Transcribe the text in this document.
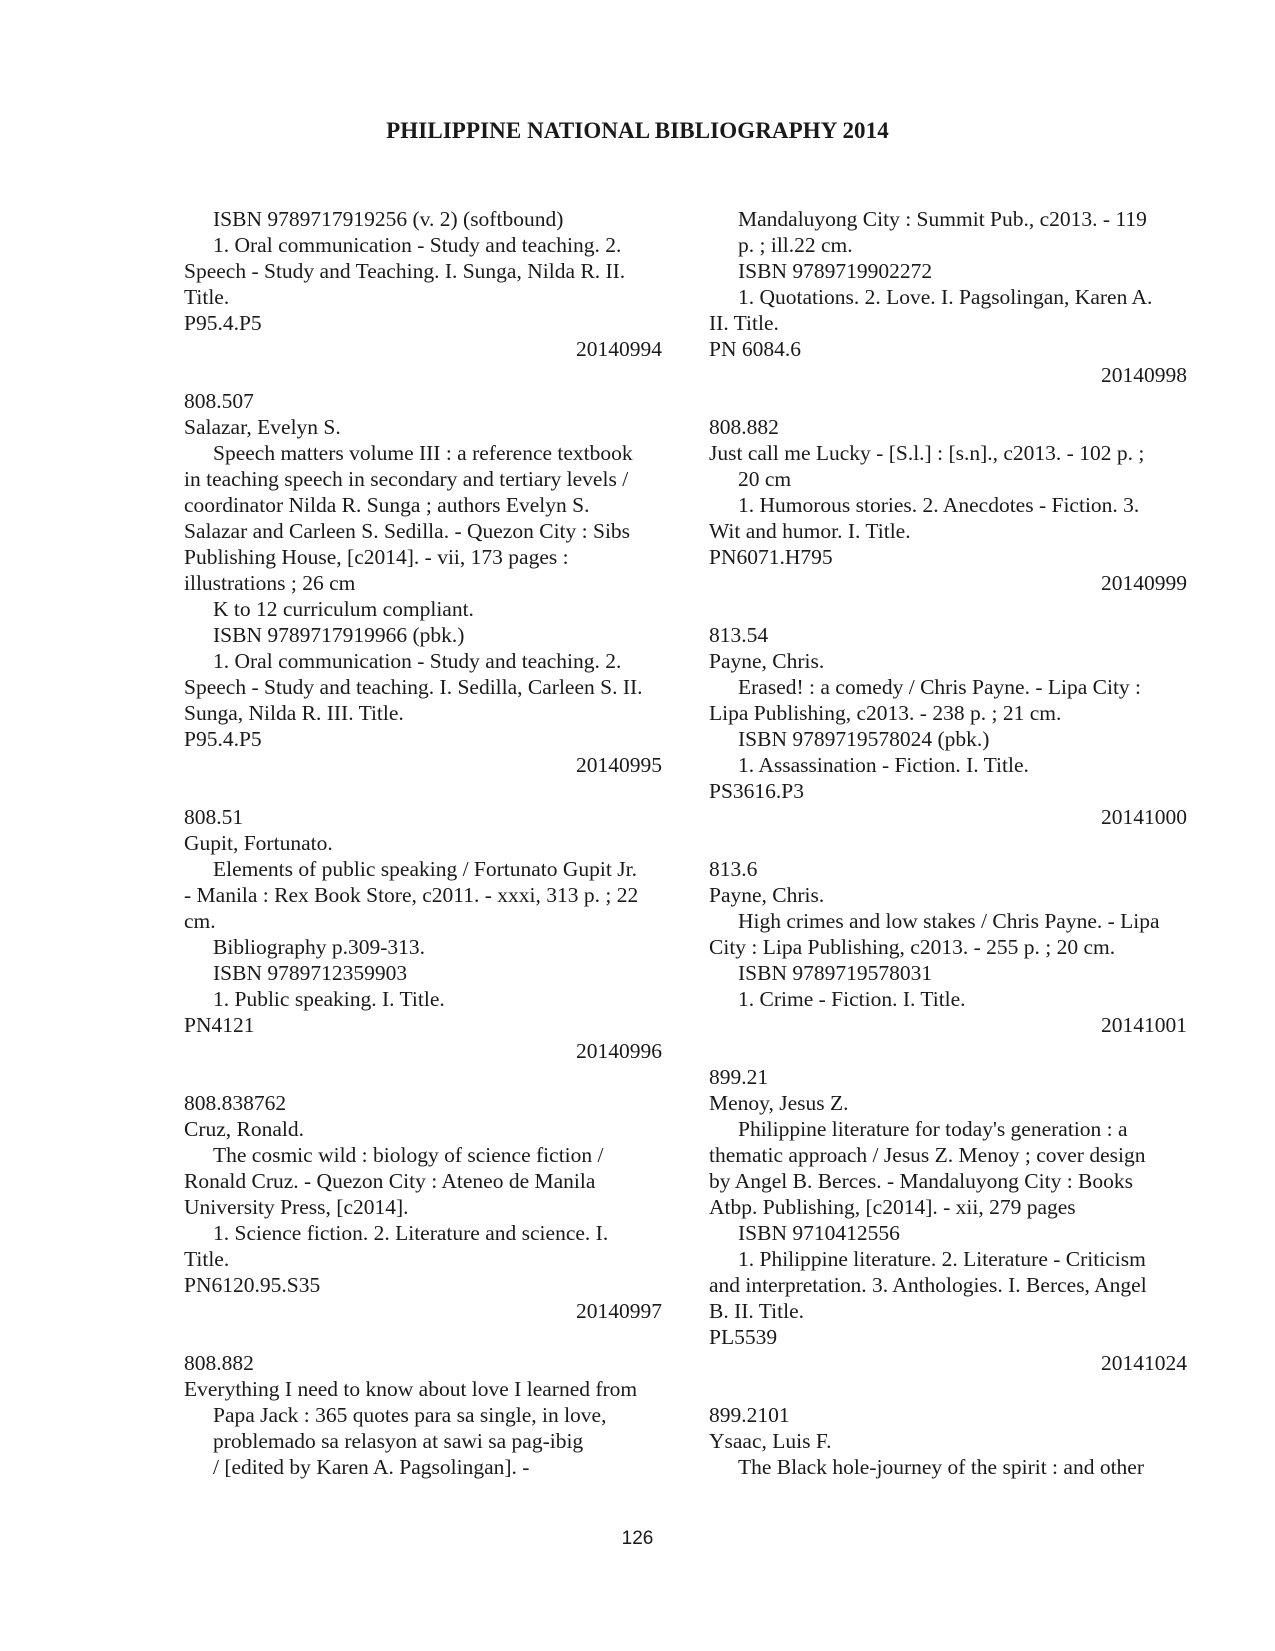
PHILIPPINE NATIONAL BIBLIOGRAPHY 2014
ISBN 9789717919256 (v. 2) (softbound)
1. Oral communication - Study and teaching. 2.
Speech - Study and Teaching. I. Sunga, Nilda R. II.
Title.
P95.4.P5
20140994
808.507
Salazar, Evelyn S.
Speech matters volume III : a reference textbook
in teaching speech in secondary and tertiary levels /
coordinator Nilda R. Sunga ; authors Evelyn S.
Salazar and Carleen S. Sedilla. - Quezon City : Sibs
Publishing House, [c2014]. - vii, 173 pages :
illustrations ; 26 cm
K to 12 curriculum compliant.
ISBN 9789717919966 (pbk.)
1. Oral communication - Study and teaching. 2.
Speech - Study and teaching. I. Sedilla, Carleen S. II.
Sunga, Nilda R. III. Title.
P95.4.P5
20140995
808.51
Gupit, Fortunato.
Elements of public speaking / Fortunato Gupit Jr.
- Manila : Rex Book Store, c2011. - xxxi, 313 p. ; 22
cm.
Bibliography p.309-313.
ISBN 9789712359903
1. Public speaking. I. Title.
PN4121
20140996
808.838762
Cruz, Ronald.
The cosmic wild : biology of science fiction /
Ronald Cruz. - Quezon City : Ateneo de Manila
University Press, [c2014].
1. Science fiction. 2. Literature and science. I.
Title.
PN6120.95.S35
20140997
808.882
Everything I need to know about love I learned from
Papa Jack : 365 quotes para sa single, in love,
problemado sa relasyon at sawi sa pag-ibig
/ [edited by Karen A. Pagsolingan]. -
Mandaluyong City : Summit Pub., c2013. - 119
p. ; ill.22 cm.
ISBN 9789719902272
1. Quotations. 2. Love. I. Pagsolingan, Karen A.
II. Title.
PN 6084.6
20140998
808.882
Just call me Lucky - [S.l.] : [s.n]., c2013. - 102 p. ;
20 cm
1. Humorous stories. 2. Anecdotes - Fiction. 3.
Wit and humor. I. Title.
PN6071.H795
20140999
813.54
Payne, Chris.
Erased! : a comedy / Chris Payne. - Lipa City :
Lipa Publishing, c2013. - 238 p. ; 21 cm.
ISBN 9789719578024 (pbk.)
1. Assassination - Fiction. I. Title.
PS3616.P3
20141000
813.6
Payne, Chris.
High crimes and low stakes / Chris Payne. - Lipa
City : Lipa Publishing, c2013. - 255 p. ; 20 cm.
ISBN 9789719578031
1. Crime - Fiction. I. Title.
20141001
899.21
Menoy, Jesus Z.
Philippine literature for today's generation : a
thematic approach / Jesus Z. Menoy ; cover design
by Angel B. Berces. - Mandaluyong City : Books
Atbp. Publishing, [c2014]. - xii, 279 pages
ISBN 9710412556
1. Philippine literature. 2. Literature - Criticism
and interpretation. 3. Anthologies. I. Berces, Angel
B. II. Title.
PL5539
20141024
899.2101
Ysaac, Luis F.
The Black hole-journey of the spirit : and other
126
